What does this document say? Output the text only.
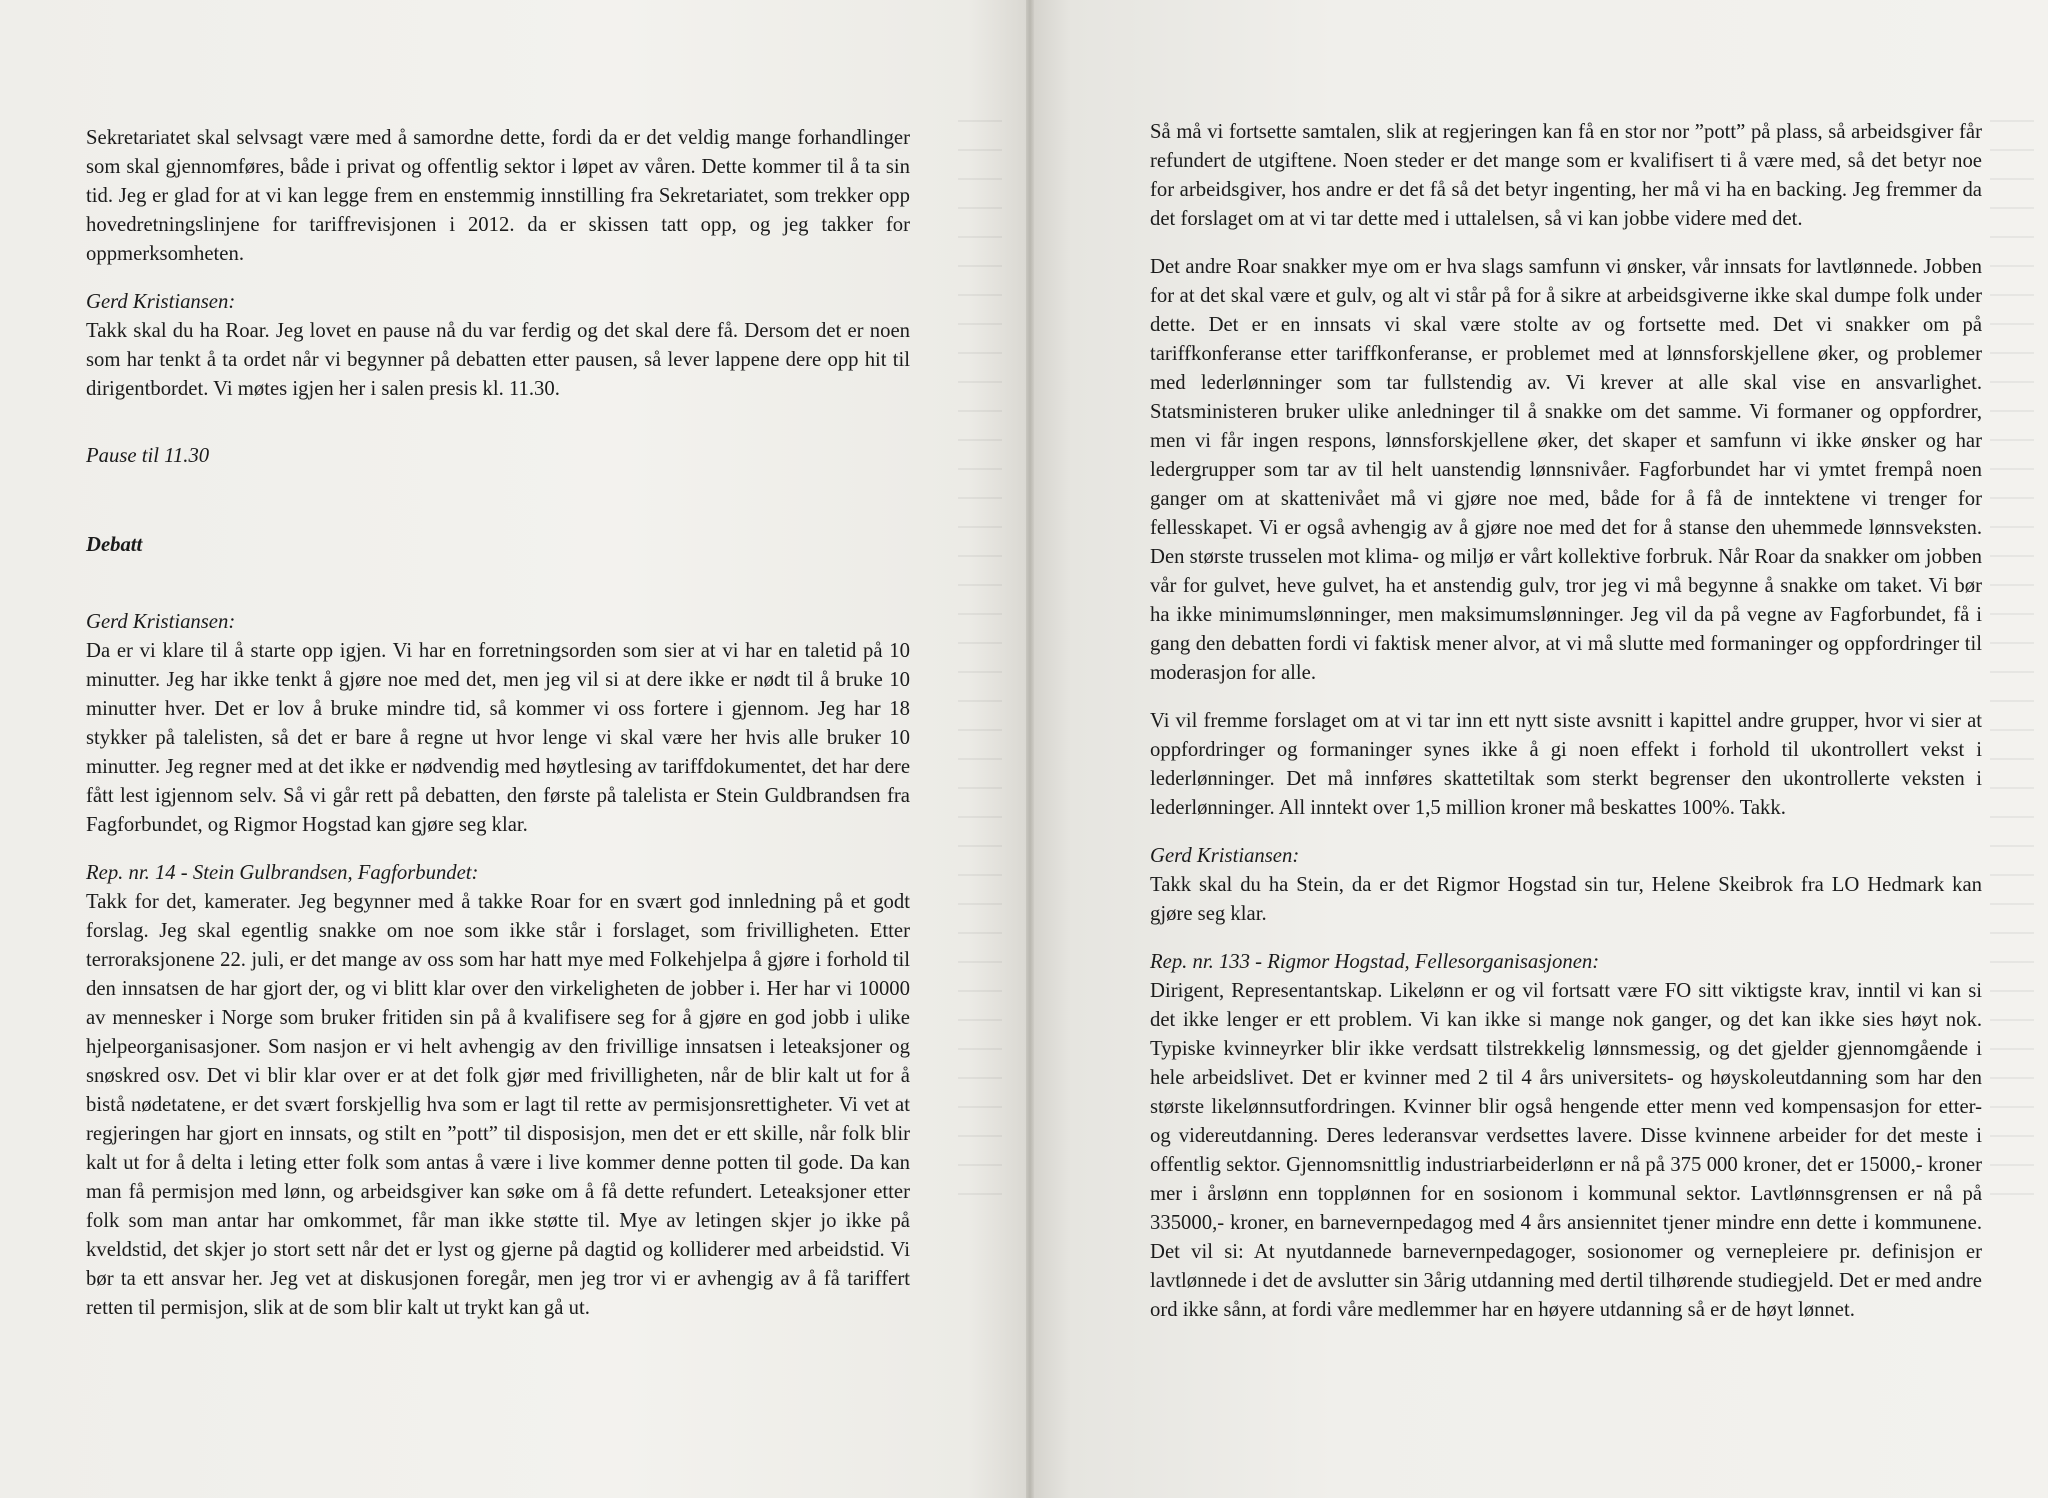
Sekretariatet skal selvsagt være med å samordne dette, fordi da er det veldig mange forhandlinger som skal gjennomføres, både i privat og offentlig sektor i løpet av våren. Dette kommer til å ta sin tid. Jeg er glad for at vi kan legge frem en enstemmig innstilling fra Sekretariatet, som trekker opp hovedretningslinjene for tariffrevisjonen i 2012. da er skissen tatt opp, og jeg takker for oppmerksomheten.

Gerd Kristiansen:

Takk skal du ha Roar. Jeg lovet en pause nå du var ferdig og det skal dere få. Dersom det er noen som har tenkt å ta ordet når vi begynner på debatten etter pausen, så lever lappene dere opp hit til dirigentbordet. Vi møtes igjen her i salen presis kl. 11.30.

Pause til 11.30

Debatt

Gerd Kristiansen:

Da er vi klare til å starte opp igjen. Vi har en forretningsorden som sier at vi har en taletid på 10 minutter. Jeg har ikke tenkt å gjøre noe med det, men jeg vil si at dere ikke er nødt til å bruke 10 minutter hver. Det er lov å bruke mindre tid, så kommer vi oss fortere i gjennom. Jeg har 18 stykker på talelisten, så det er bare å regne ut hvor lenge vi skal være her hvis alle bruker 10 minutter. Jeg regner med at det ikke er nødvendig med høytlesing av tariffdokumentet, det har dere fått lest igjennom selv. Så vi går rett på debatten, den første på talelista er Stein Guldbrandsen fra Fagforbundet, og Rigmor Hogstad kan gjøre seg klar.

Rep. nr. 14 - Stein Gulbrandsen, Fagforbundet:

Takk for det, kamerater. Jeg begynner med å takke Roar for en svært god innledning på et godt forslag. Jeg skal egentlig snakke om noe som ikke står i forslaget, som frivilligheten. Etter terroraksjonene 22. juli, er det mange av oss som har hatt mye med Folkehjelpa å gjøre i forhold til den innsatsen de har gjort der, og vi blitt klar over den virkeligheten de jobber i. Her har vi 10000 av mennesker i Norge som bruker fritiden sin på å kvalifisere seg for å gjøre en god jobb i ulike hjelpeorganisasjoner. Som nasjon er vi helt avhengig av den frivillige innsatsen i leteaksjoner og snøskred osv. Det vi blir klar over er at det folk gjør med frivilligheten, når de blir kalt ut for å bistå nødetatene, er det svært forskjellig hva som er lagt til rette av permisjonsrettigheter. Vi vet at regjeringen har gjort en innsats, og stilt en ”pott” til disposisjon, men det er ett skille, når folk blir kalt ut for å delta i leting etter folk som antas å være i live kommer denne potten til gode. Da kan man få permisjon med lønn, og arbeidsgiver kan søke om å få dette refundert. Leteaksjoner etter folk som man antar har omkommet, får man ikke støtte til. Mye av letingen skjer jo ikke på kveldstid, det skjer jo stort sett når det er lyst og gjerne på dagtid og kolliderer med arbeidstid. Vi bør ta ett ansvar her. Jeg vet at diskusjonen foregår, men jeg tror vi er avhengig av å få tariffert retten til permisjon, slik at de som blir kalt ut trykt kan gå ut.

Så må vi fortsette samtalen, slik at regjeringen kan få en stor nor ”pott” på plass, så arbeidsgiver får refundert de utgiftene. Noen steder er det mange som er kvalifisert ti å være med, så det betyr noe for arbeidsgiver, hos andre er det få så det betyr ingenting, her må vi ha en backing. Jeg fremmer da det forslaget om at vi tar dette med i uttalelsen, så vi kan jobbe videre med det.

Det andre Roar snakker mye om er hva slags samfunn vi ønsker, vår innsats for lavtlønnede. Jobben for at det skal være et gulv, og alt vi står på for å sikre at arbeidsgiverne ikke skal dumpe folk under dette. Det er en innsats vi skal være stolte av og fortsette med. Det vi snakker om på tariffkonferanse etter tariffkonferanse, er problemet med at lønnsforskjellene øker, og problemer med lederlønninger som tar fullstendig av. Vi krever at alle skal vise en ansvarlighet. Statsministeren bruker ulike anledninger til å snakke om det samme. Vi formaner og oppfordrer, men vi får ingen respons, lønnsforskjellene øker, det skaper et samfunn vi ikke ønsker og har ledergrupper som tar av til helt uanstendig lønnsnivåer. Fagforbundet har vi ymtet frempå noen ganger om at skattenivået må vi gjøre noe med, både for å få de inntektene vi trenger for fellesskapet. Vi er også avhengig av å gjøre noe med det for å stanse den uhemmede lønnsveksten. Den største trusselen mot klima- og miljø er vårt kollektive forbruk. Når Roar da snakker om jobben vår for gulvet, heve gulvet, ha et anstendig gulv, tror jeg vi må begynne å snakke om taket. Vi bør ha ikke minimumslønninger, men maksimumslønninger. Jeg vil da på vegne av Fagforbundet, få i gang den debatten fordi vi faktisk mener alvor, at vi må slutte med formaninger og oppfordringer til moderasjon for alle.

Vi vil fremme forslaget om at vi tar inn ett nytt siste avsnitt i kapittel andre grupper, hvor vi sier at oppfordringer og formaninger synes ikke å gi noen effekt i forhold til ukontrollert vekst i lederlønninger. Det må innføres skattetiltak som sterkt begrenser den ukontrollerte veksten i lederlønninger. All inntekt over 1,5 million kroner må beskattes 100%. Takk.

Gerd Kristiansen:

Takk skal du ha Stein, da er det Rigmor Hogstad sin tur, Helene Skeibrok fra LO Hedmark kan gjøre seg klar.

Rep. nr. 133 - Rigmor Hogstad, Fellesorganisasjonen:

Dirigent, Representantskap. Likelønn er og vil fortsatt være FO sitt viktigste krav, inntil vi kan si det ikke lenger er ett problem. Vi kan ikke si mange nok ganger, og det kan ikke sies høyt nok. Typiske kvinneyrker blir ikke verdsatt tilstrekkelig lønnsmessig, og det gjelder gjennomgående i hele arbeidslivet. Det er kvinner med 2 til 4 års universitets- og høyskoleutdanning som har den største likelønnsutfordringen. Kvinner blir også hengende etter menn ved kompensasjon for etter- og videreutdanning. Deres lederansvar verdsettes lavere. Disse kvinnene arbeider for det meste i offentlig sektor. Gjennomsnittlig industriarbeiderlønn er nå på 375 000 kroner, det er 15000,- kroner mer i årslønn enn topplønnen for en sosionom i kommunal sektor. Lavtlønnsgrensen er nå på 335000,- kroner, en barnevernpedagog med 4 års ansiennitet tjener mindre enn dette i kommunene. Det vil si: At nyutdannede barnevernpedagoger, sosionomer og vernepleiere pr. definisjon er lavtlønnede i det de avslutter sin 3årig utdanning med dertil tilhørende studiegjeld. Det er med andre ord ikke sånn, at fordi våre medlemmer har en høyere utdanning så er de høyt lønnet.
